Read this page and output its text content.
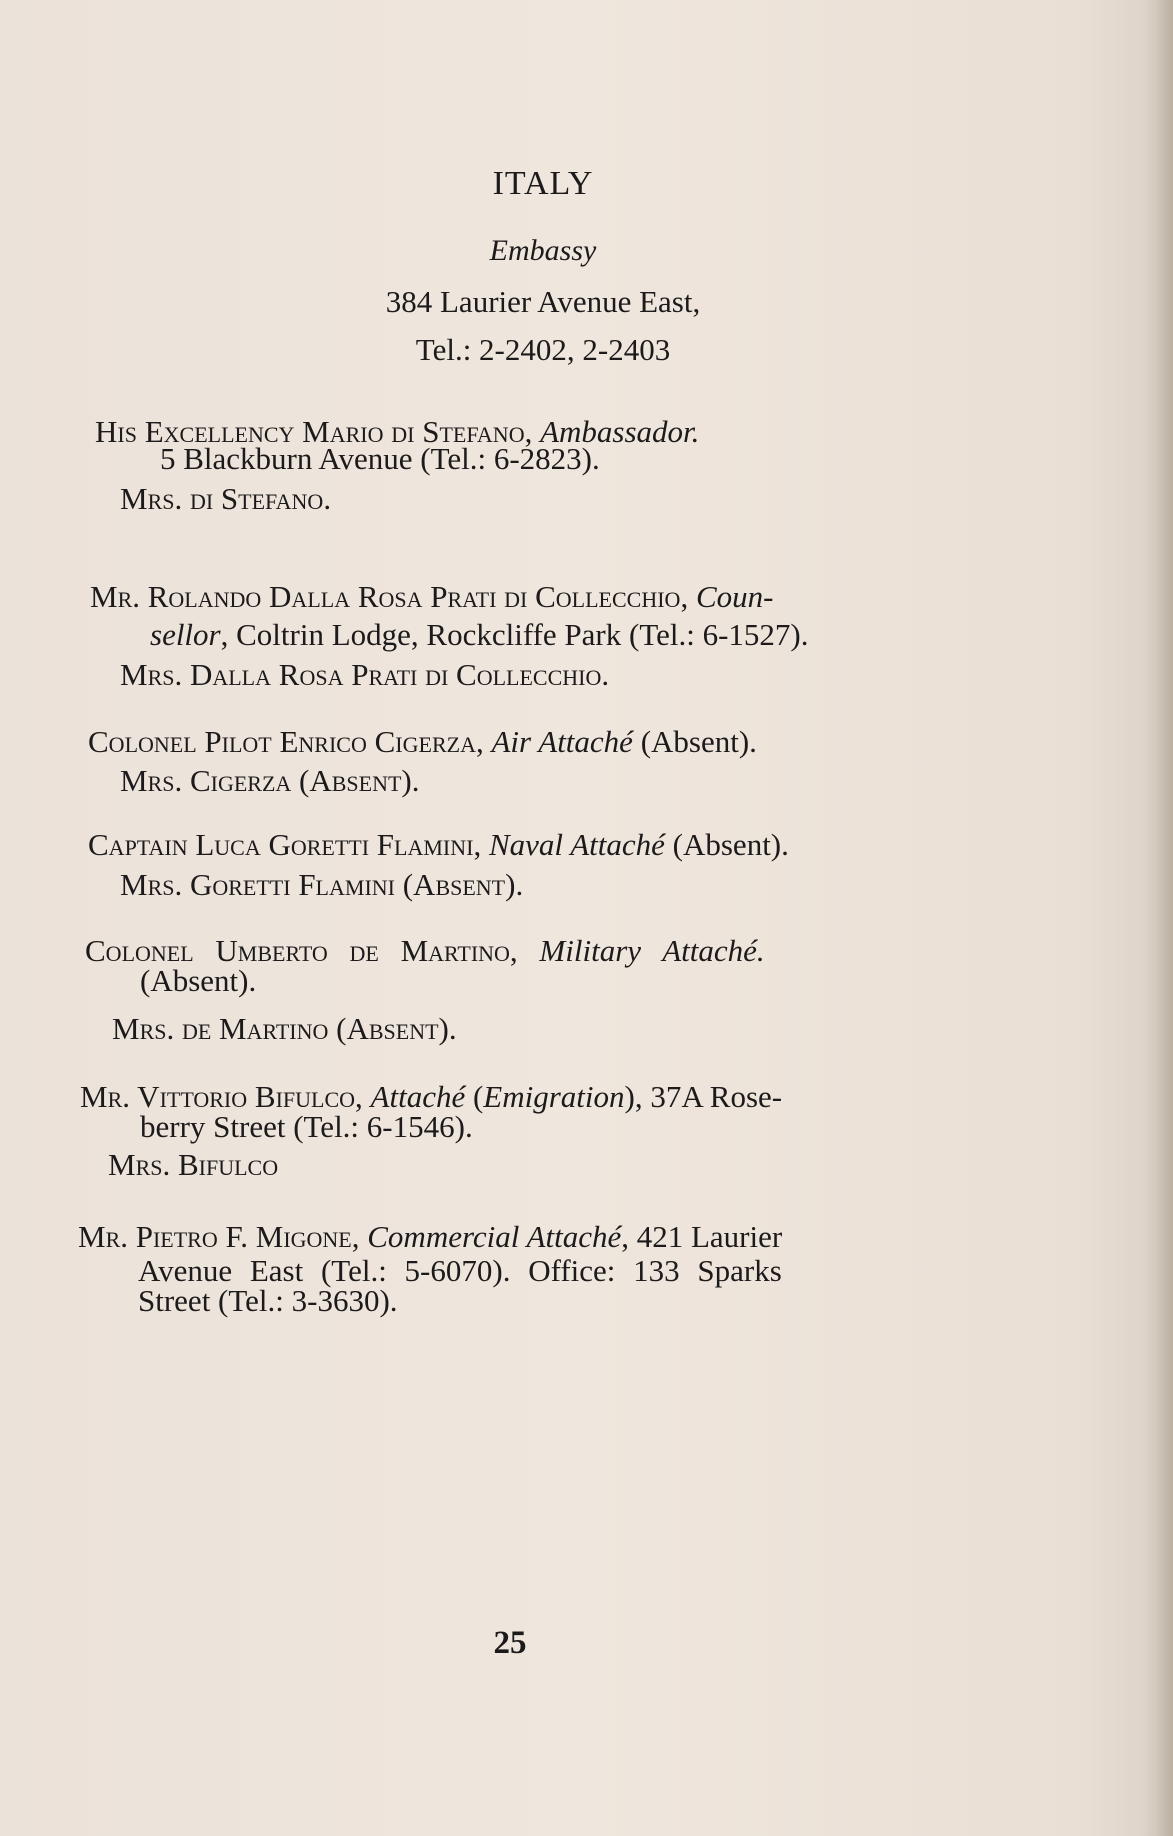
ITALY
Embassy
384 Laurier Avenue East,
Tel.: 2-2402, 2-2403
His Excellency Mario di Stefano, Ambassador.
5 Blackburn Avenue (Tel.: 6-2823).
Mrs. di Stefano.
Mr. Rolando Dalla Rosa Prati di Collecchio, Coun-
sellor, Coltrin Lodge, Rockcliffe Park (Tel.: 6-1527).
Mrs. Dalla Rosa Prati di Collecchio.
Colonel Pilot Enrico Cigerza, Air Attaché (Absent).
Mrs. Cigerza (Absent).
Captain Luca Goretti Flamini, Naval Attaché (Absent).
Mrs. Goretti Flamini (Absent).
Colonel Umberto de Martino, Military Attaché.
(Absent).
Mrs. de Martino (Absent).
Mr. Vittorio Bifulco, Attaché (Emigration), 37A Rose-
berry Street (Tel.: 6-1546).
Mrs. Bifulco
Mr. Pietro F. Migone, Commercial Attaché, 421 Laurier
Avenue East (Tel.: 5-6070). Office: 133 Sparks
Street (Tel.: 3-3630).
25
